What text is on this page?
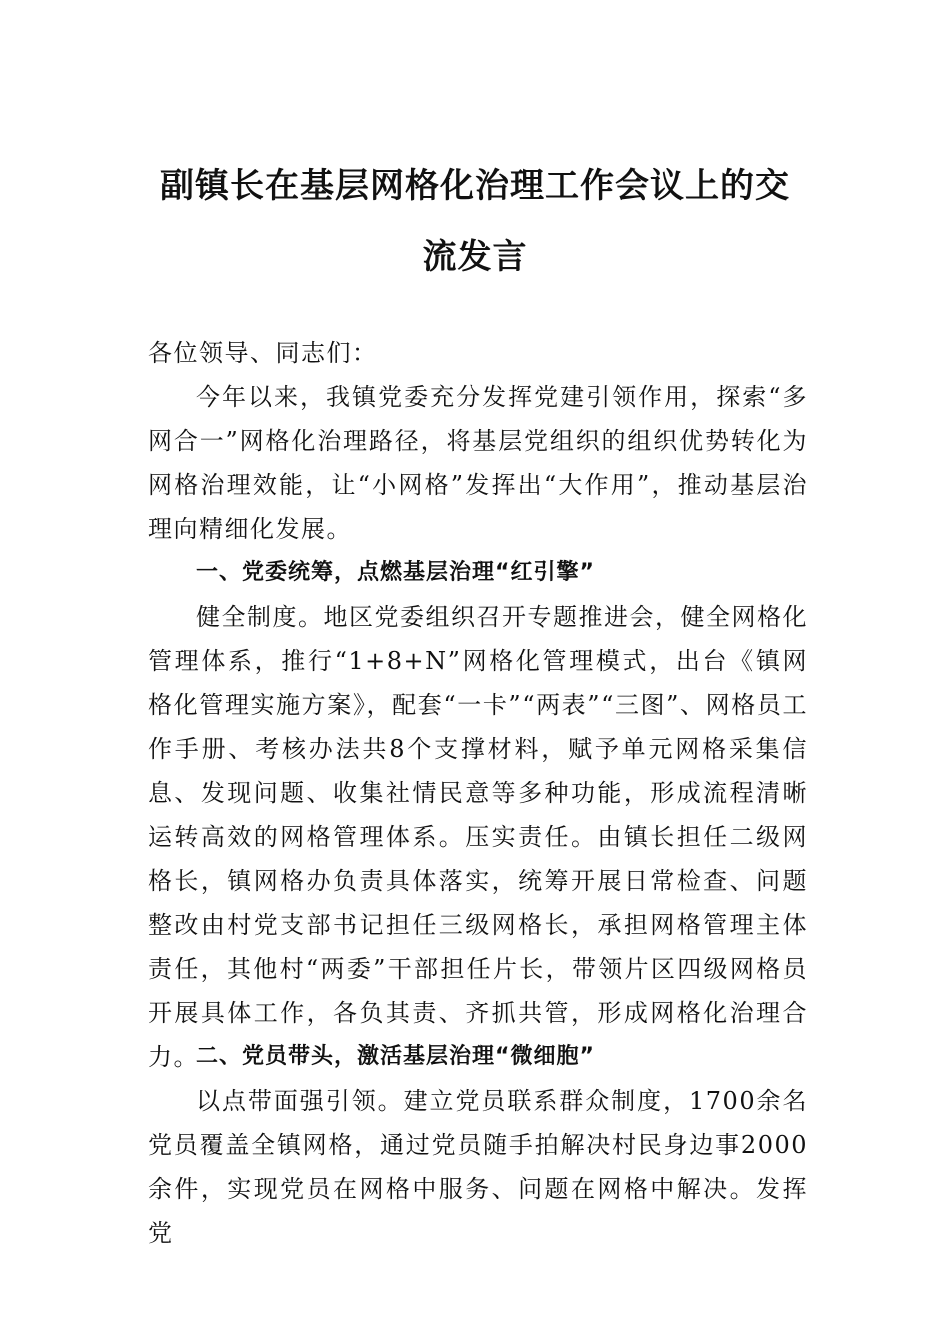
副镇长在基层网格化治理工作会议上的交
流发言

各位领导、同志们：

今年以来，我镇党委充分发挥党建引领作用，探索“多网合一”网格化治理路径，将基层党组织的组织优势转化为网格治理效能，让“小网格”发挥出“大作用”，推动基层治理向精细化发展。

一、党委统筹，点燃基层治理“红引擎”

健全制度。地区党委组织召开专题推进会，健全网格化管理体系，推行“1+8+N”网格化管理模式，出台《镇网格化管理实施方案》，配套“一卡”“两表”“三图”、网格员工作手册、考核办法共8个支撑材料，赋予单元网格采集信息、发现问题、收集社情民意等多种功能，形成流程清晰运转高效的网格管理体系。压实责任。由镇长担任二级网格长，镇网格办负责具体落实，统筹开展日常检查、问题整改由村党支部书记担任三级网格长，承担网格管理主体责任，其他村“两委”干部担任片长，带领片区四级网格员开展具体工作，各负其责、齐抓共管，形成网格化治理合力。

二、党员带头，激活基层治理“微细胞”

以点带面强引领。建立党员联系群众制度，1700余名党员覆盖全镇网格，通过党员随手拍解决村民身边事2000余件，实现党员在网格中服务、问题在网格中解决。发挥党
